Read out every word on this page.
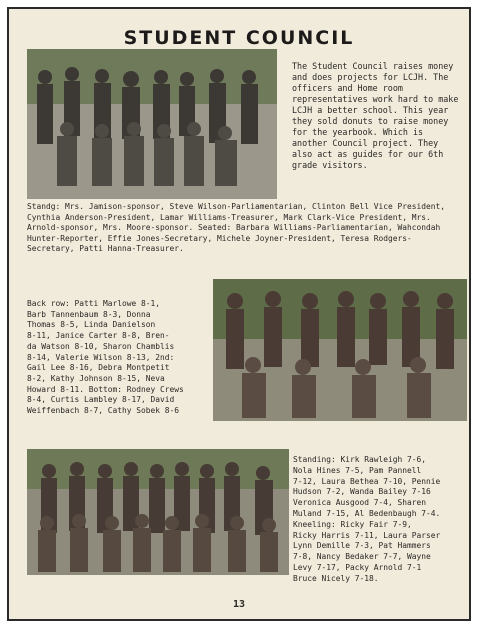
STUDENT COUNCIL
The Student Council raises money and does projects for LCJH. The officers and Home room representatives work hard to make LCJH a better school. This year they sold donuts to raise money for the yearbook. Which is another Council project. They also act as guides for our 6th grade visitors.
Standg: Mrs. Jamison-sponsor, Steve Wilson-Parliamentarian, Clinton Bell Vice President, Cynthia Anderson-President, Lamar Williams-Treasurer, Mark Clark-Vice President, Mrs. Arnold-sponsor, Mrs. Moore-sponsor. Seated: Barbara Williams-Parliamentarian, Wahcondah Hunter-Reporter, Effie Jones-Secretary, Michele Joyner-President, Teresa Rodgers-Secretary, Patti Hanna-Treasurer.
Back row: Patti Marlowe 8-1,
Barb Tannenbaum 8-3, Donna
Thomas 8-5, Linda Danielson
8-11, Janice Carter 8-8, Bren-
da Watson 8-10, Sharon Chamblis
8-14, Valerie Wilson 8-13, 2nd:
Gail Lee 8-16, Debra Montpetit
8-2, Kathy Johnson 8-15, Neva
Howard 8-11. Bottom: Rodney Crews
8-4, Curtis Lambley 8-17, David
Weiffenbach 8-7, Cathy Sobek 8-6
Standing: Kirk Rawleigh 7-6,
Nola Hines 7-5, Pam Pannell
7-12, Laura Bethea 7-10, Pennie
Hudson 7-2, Wanda Bailey 7-16
Veronica Ausgood 7-4, Sharen
Muland 7-15, Al Bedenbaugh 7-4.
Kneeling: Ricky Fair 7-9,
Ricky Harris 7-11, Laura Parser
Lynn Demille 7-3, Pat Hammers
7-8, Nancy Bedaker 7-7, Wayne
Levy 7-17, Packy Arnold 7-1
Bruce Nicely 7-18.
13
